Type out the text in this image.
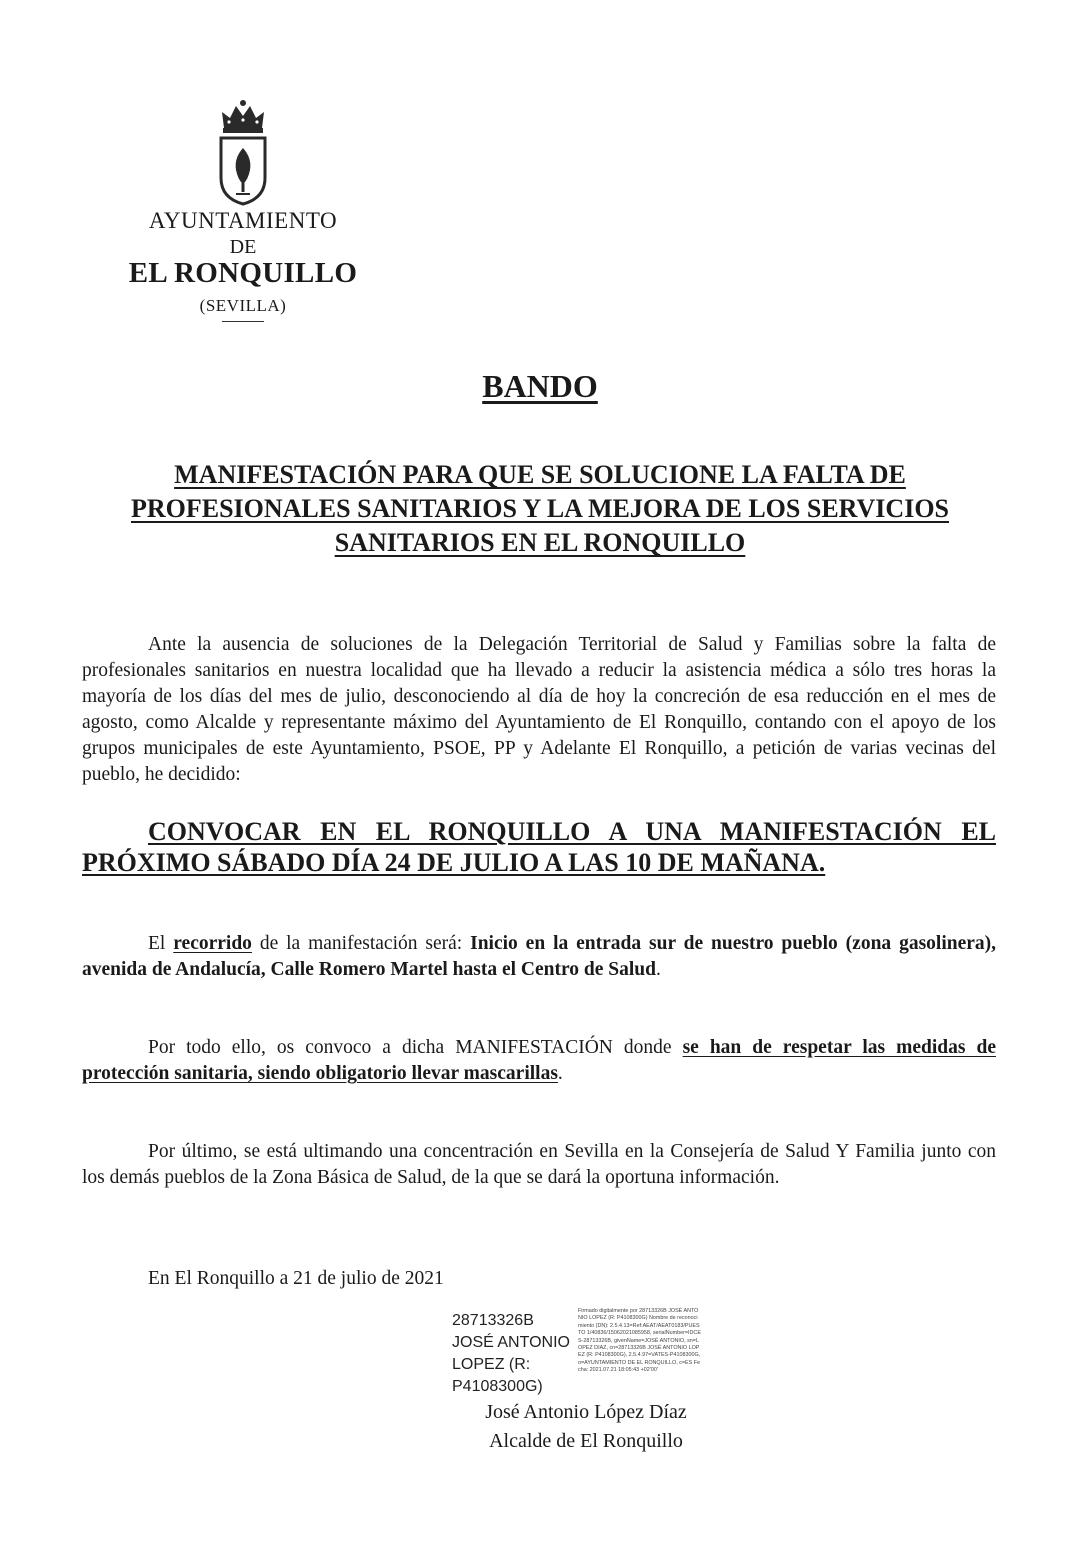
AYUNTAMIENTO
DE
EL RONQUILLO
(SEVILLA)
BANDO
MANIFESTACIÓN PARA QUE SE SOLUCIONE LA FALTA DE
PROFESIONALES SANITARIOS Y LA MEJORA DE LOS SERVICIOS
SANITARIOS EN EL RONQUILLO
Ante la ausencia de soluciones de la Delegación Territorial de Salud y Familias sobre la falta de profesionales sanitarios en nuestra localidad que ha llevado a reducir la asistencia médica a sólo tres horas la mayoría de los días del mes de julio, desconociendo al día de hoy la concreción de esa reducción en el mes de agosto, como Alcalde y representante máximo del Ayuntamiento de El Ronquillo, contando con el apoyo de los grupos municipales de este Ayuntamiento, PSOE, PP y Adelante El Ronquillo, a petición de varias vecinas del pueblo, he decidido:
CONVOCAR EN EL RONQUILLO A UNA MANIFESTACIÓN EL PRÓXIMO SÁBADO DÍA 24 DE JULIO A LAS 10 DE MAÑANA.
El recorrido de la manifestación será: Inicio en la entrada sur de nuestro pueblo (zona gasolinera), avenida de Andalucía, Calle Romero Martel hasta el Centro de Salud.
Por todo ello, os convoco a dicha MANIFESTACIÓN donde se han de respetar las medidas de protección sanitaria, siendo obligatorio llevar mascarillas.
Por último, se está ultimando una concentración en Sevilla en la Consejería de Salud Y Familia junto con los demás pueblos de la Zona Básica de Salud, de la que se dará la oportuna información.
En El Ronquillo a 21 de julio de 2021
28713326B JOSÉ ANTONIO LOPEZ (R: P4108300G)
Firmado digitalmente por 28713326B JOSÉ ANTONIO LOPEZ (R: P4108300G) Nombre de reconocimiento (DN): 2.5.4.13=Ref:AEAT/AEAT0183/PUESTO 1/40836/15062021085958, serialNumber=IDCES-28713326B, givenName=JOSÉ ANTONIO, sn=LOPEZ DIAZ, cn=28713326B JOSÉ ANTONIO LOPEZ (R: P4108300G), 2.5.4.97=VATES-P4108300G, o=AYUNTAMIENTO DE EL RONQUILLO, c=ES Fecha: 2021.07.21 18:05:43 +02'00'
José Antonio López Díaz
Alcalde de El Ronquillo
